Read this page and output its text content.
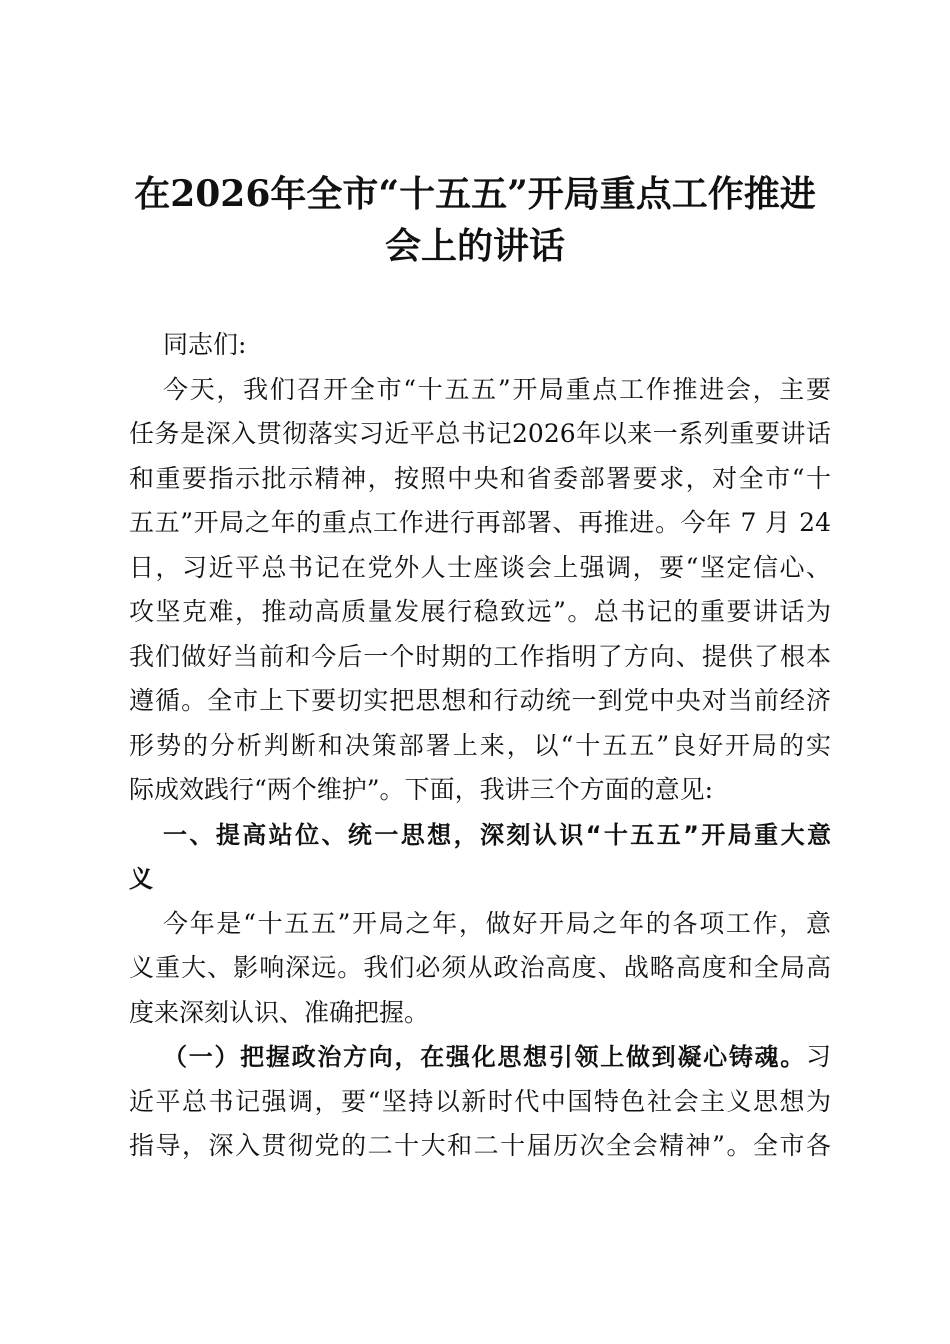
在2026年全市“十五五”开局重点工作推进
会上的讲话
同志们:
今天，我们召开全市“十五五”开局重点工作推进会，主要
任务是深入贯彻落实习近平总书记2026年以来一系列重要讲话
和重要指示批示精神，按照中央和省委部署要求，对全市“十
五五”开局之年的重点工作进行再部署、再推进。今年 7 月 24
日，习近平总书记在党外人士座谈会上强调，要“坚定信心、
攻坚克难，推动高质量发展行稳致远”。总书记的重要讲话为
我们做好当前和今后一个时期的工作指明了方向、提供了根本
遵循。全市上下要切实把思想和行动统一到党中央对当前经济
形势的分析判断和决策部署上来，以“十五五”良好开局的实
际成效践行“两个维护”。下面，我讲三个方面的意见:
一、提高站位、统一思想，深刻认识“十五五”开局重大意
义
今年是“十五五”开局之年，做好开局之年的各项工作，意
义重大、影响深远。我们必须从政治高度、战略高度和全局高
度来深刻认识、准确把握。
（一）把握政治方向，在强化思想引领上做到凝心铸魂。习
近平总书记强调，要“坚持以新时代中国特色社会主义思想为
指导，深入贯彻党的二十大和二十届历次全会精神”。全市各
